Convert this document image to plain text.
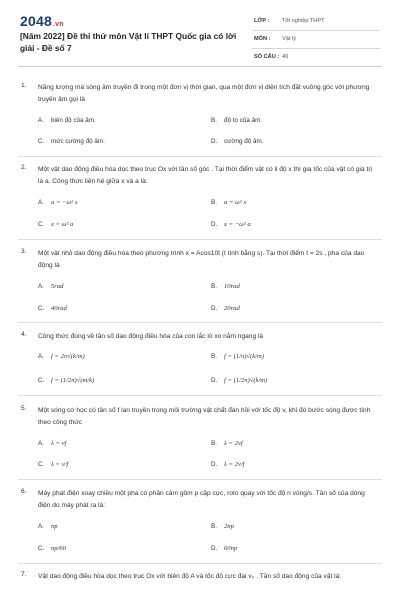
2048.vn
[Năm 2022] Đề thi thử môn Vật lí THPT Quốc gia có lời giải - Đề số 7
LỚP : Tốt nghiệp THPT
MÔN : Vật lý
SỐ CÂU : 40
1. Năng lượng mà sóng âm truyền đi trong một đơn vị thời gian, qua một đơn vị diện tích đặt vuông góc với phương truyền âm gọi là
A. biên độ của âm.	B. độ to của âm.
C. mức cường độ âm.	D. cường độ âm.
2. Một vật dao động điều hòa dọc theo trục Ox với tần số góc . Tại thời điểm vật có li độ x thì gia tốc của vật có giá trị là a. Công thức liên hệ giữa x và a là:
A. a = −ω² x	B. a = ω² x
C. x = ω² a	D. x = −ω² a
3. Một vật nhỏ dao động điều hòa theo phương trình x = Acos10t (t tính bằng s). Tại thời điểm t = 2s , pha của dao động là
A. 5rad	B. 10rad
C. 40rad	D. 20rad
4. Công thức đúng về tần số dao động điều hòa của con lắc lò xo nằm ngang là
A. f = 2π√(k/m)	B. f = (1/π)√(k/m)
C. f = (1/2π)√(m/k)	D. f = (1/2π)√(k/m)
5. Một sóng cơ học có tần số f lan truyền trong môi trường vật chất đàn hồi với tốc độ v, khi đó bước sóng được tính theo công thức
A. λ = vf	B. λ = 2vf
C. λ = v/f	D. λ = 2v/f
6. Máy phát điện xoay chiều một pha có phần cảm gồm p cặp cực, roto quay với tốc độ n vòng/s. Tần số của dòng điện do máy phát ra là:
A. np	B. 2np
C. np/60	D. 60np
7. Vật dao động điều hòa dọc theo trục Ox với biên độ A và tốc độ cực đại v₀ . Tần số dao động của vật là:
